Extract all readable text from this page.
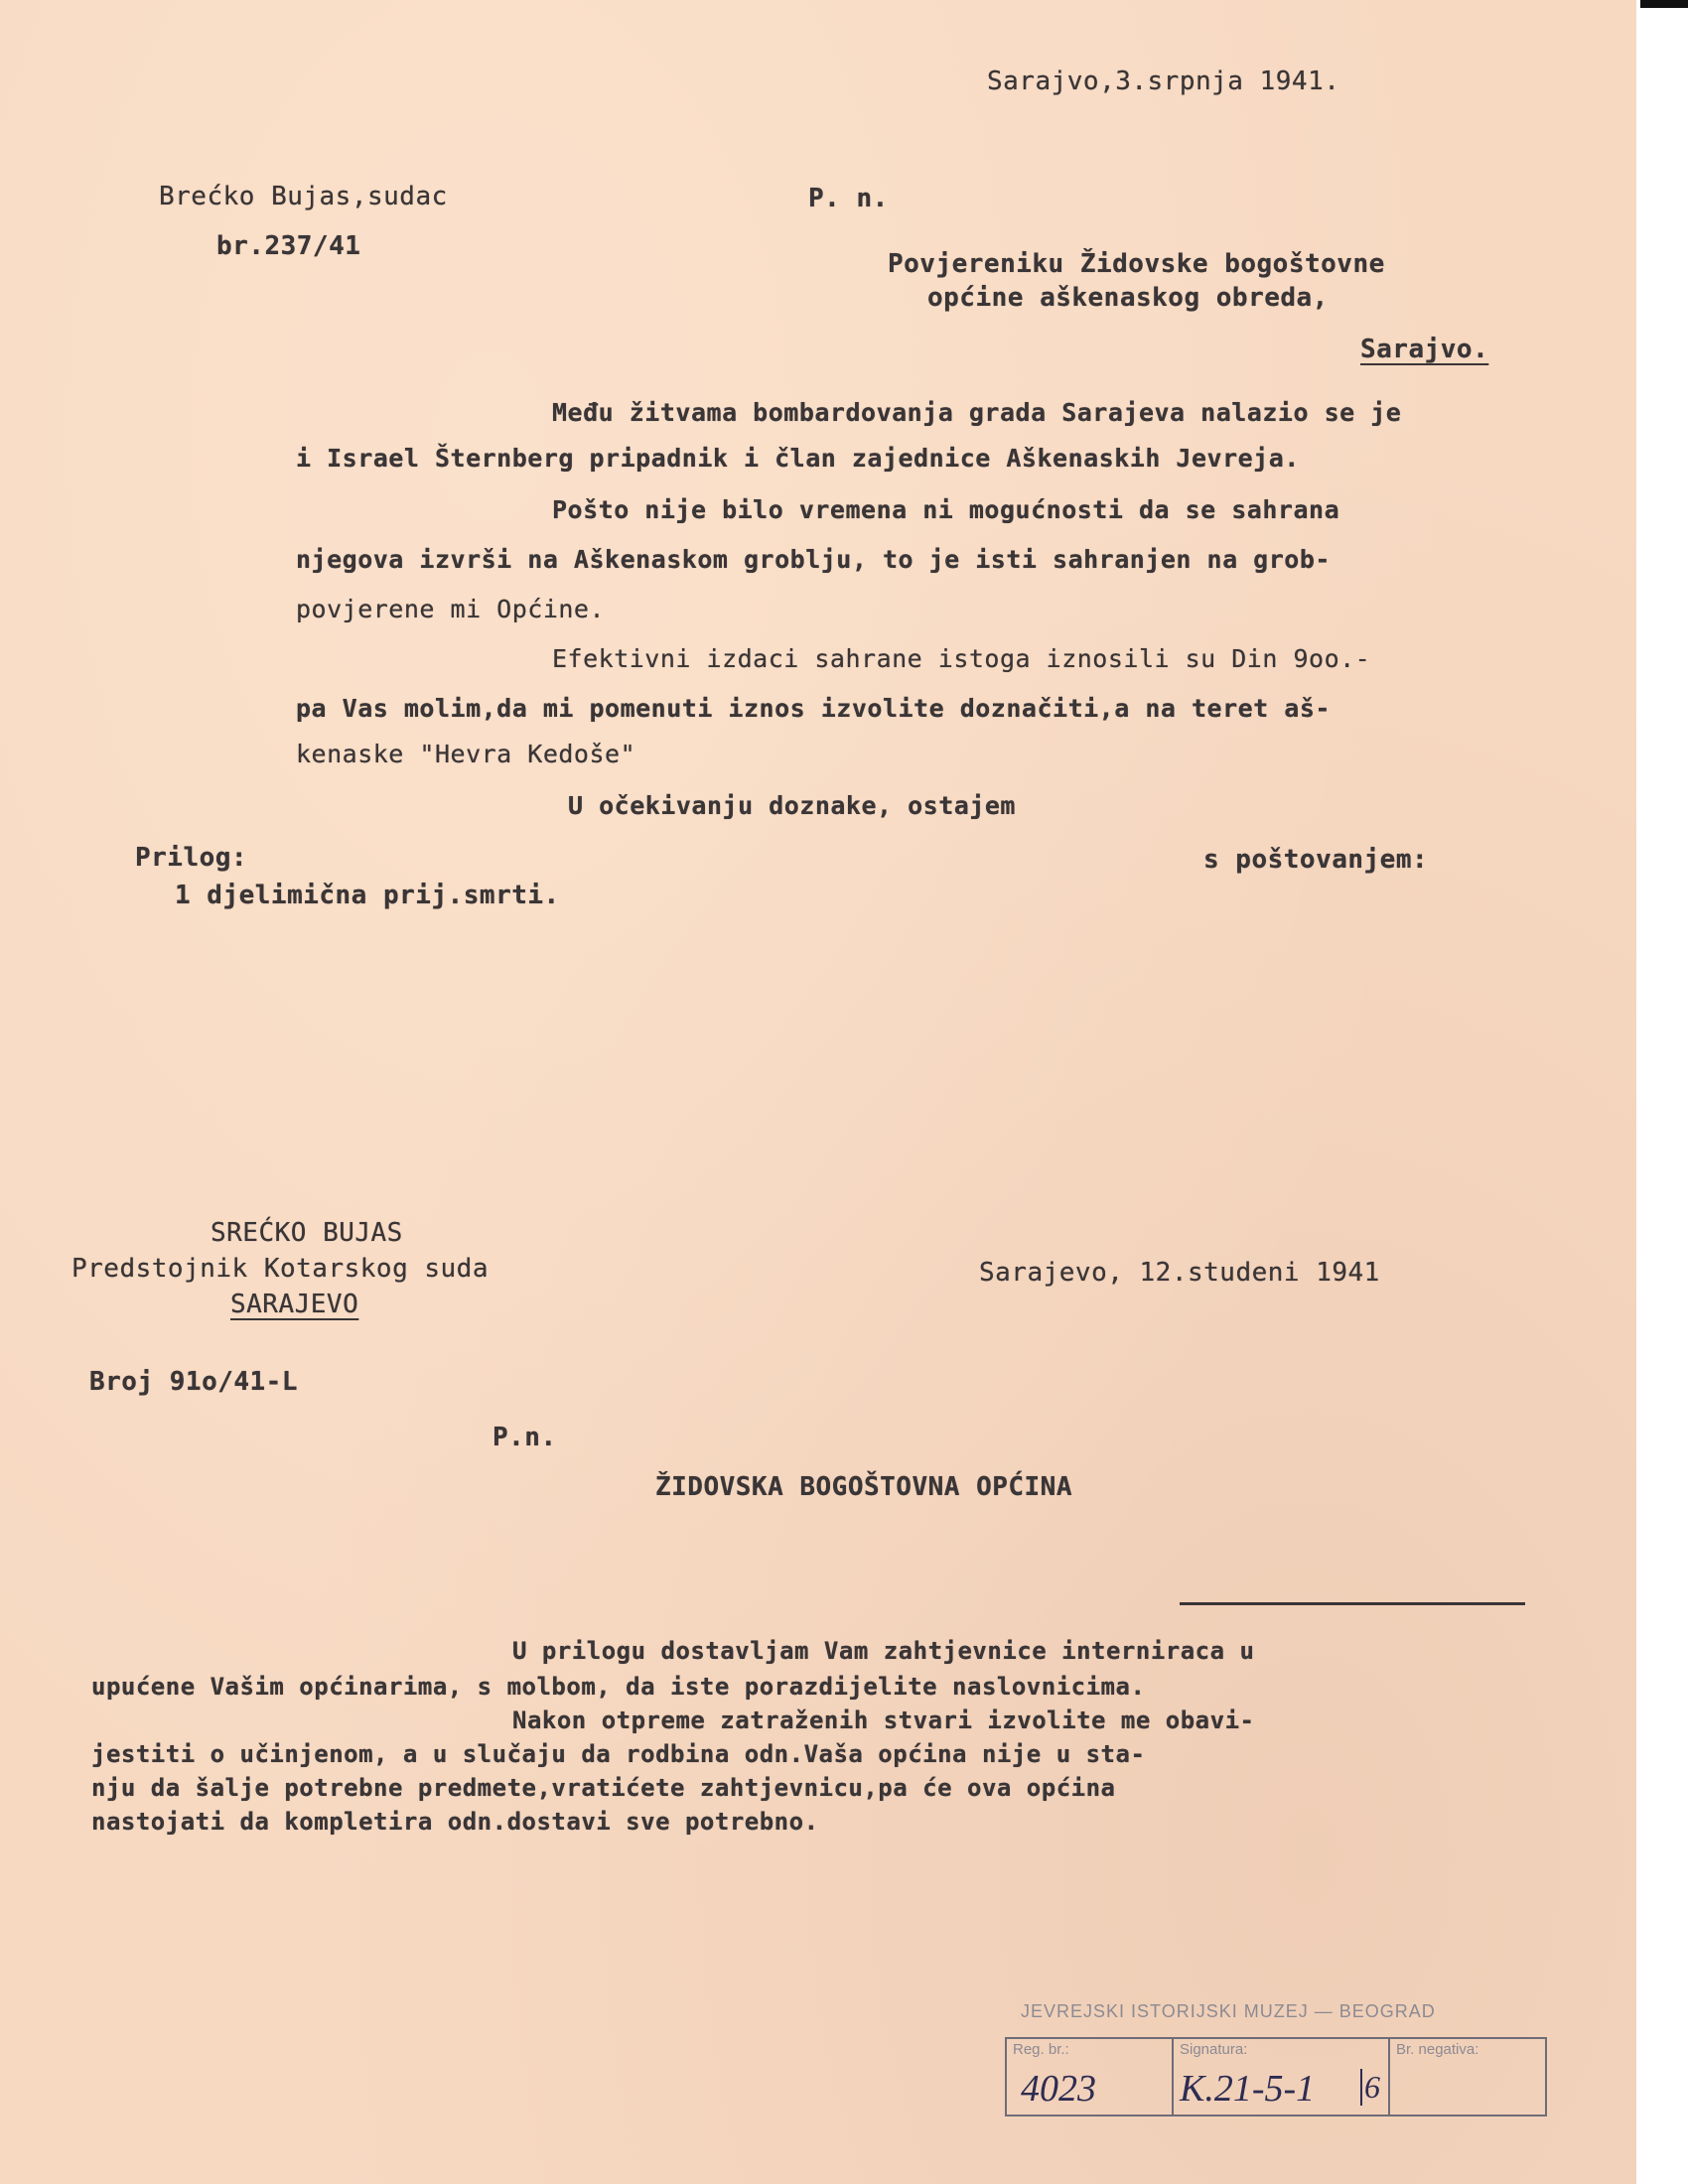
Sarajvo,3.srpnja 1941.
Brećko Bujas,sudac
br.237/41
P. n.
Povjereniku Židovske bogoštovne
općine aškenaskog obreda,
Sarajvo.
Među žitvama bombardovanja grada Sarajeva nalazio se je
i Israel Šternberg pripadnik i član zajednice Aškenaskih Jevreja.
Pošto nije bilo vremena ni mogućnosti da se sahrana
njegova izvrši na Aškenaskom groblju, to je isti sahranjen na grob-
povjerene mi Općine.
Efektivni izdaci sahrane istoga iznosili su Din 9oo.-
pa Vas molim,da mi pomenuti iznos izvolite doznačiti,a na teret aš-
kenaske "Hevra Kedoše"
U očekivanju doznake, ostajem
s poštovanjem:
Prilog:
1 djelimična prij.smrti.
SREĆKO BUJAS
Predstojnik Kotarskog suda
SARAJEVO
Sarajevo, 12.studeni 1941
Broj 91o/41-L
P.n.
ŽIDOVSKA BOGOŠTOVNA OPĆINA
U prilogu dostavljam Vam zahtjevnice internirаca u
upućene Vašim općinarima, s molbom, da iste porazdijelite naslovnicima.
Nakon otpreme zatraženih stvari izvolite me obavi-
jestiti o učinjenom, a u slučaju da rodbina odn.Vaša općina nije u sta-
nju da šalje potrebne predmete,vratićete zahtjevnicu,pa će ova općina
nastojati da kompletira odn.dostavi sve potrebno.
JEVREJSKI ISTORIJSKI MUZEJ — BEOGRAD
Reg. br.:
4023
Signatura:
K.21-5-1 6
Br. negativa:
